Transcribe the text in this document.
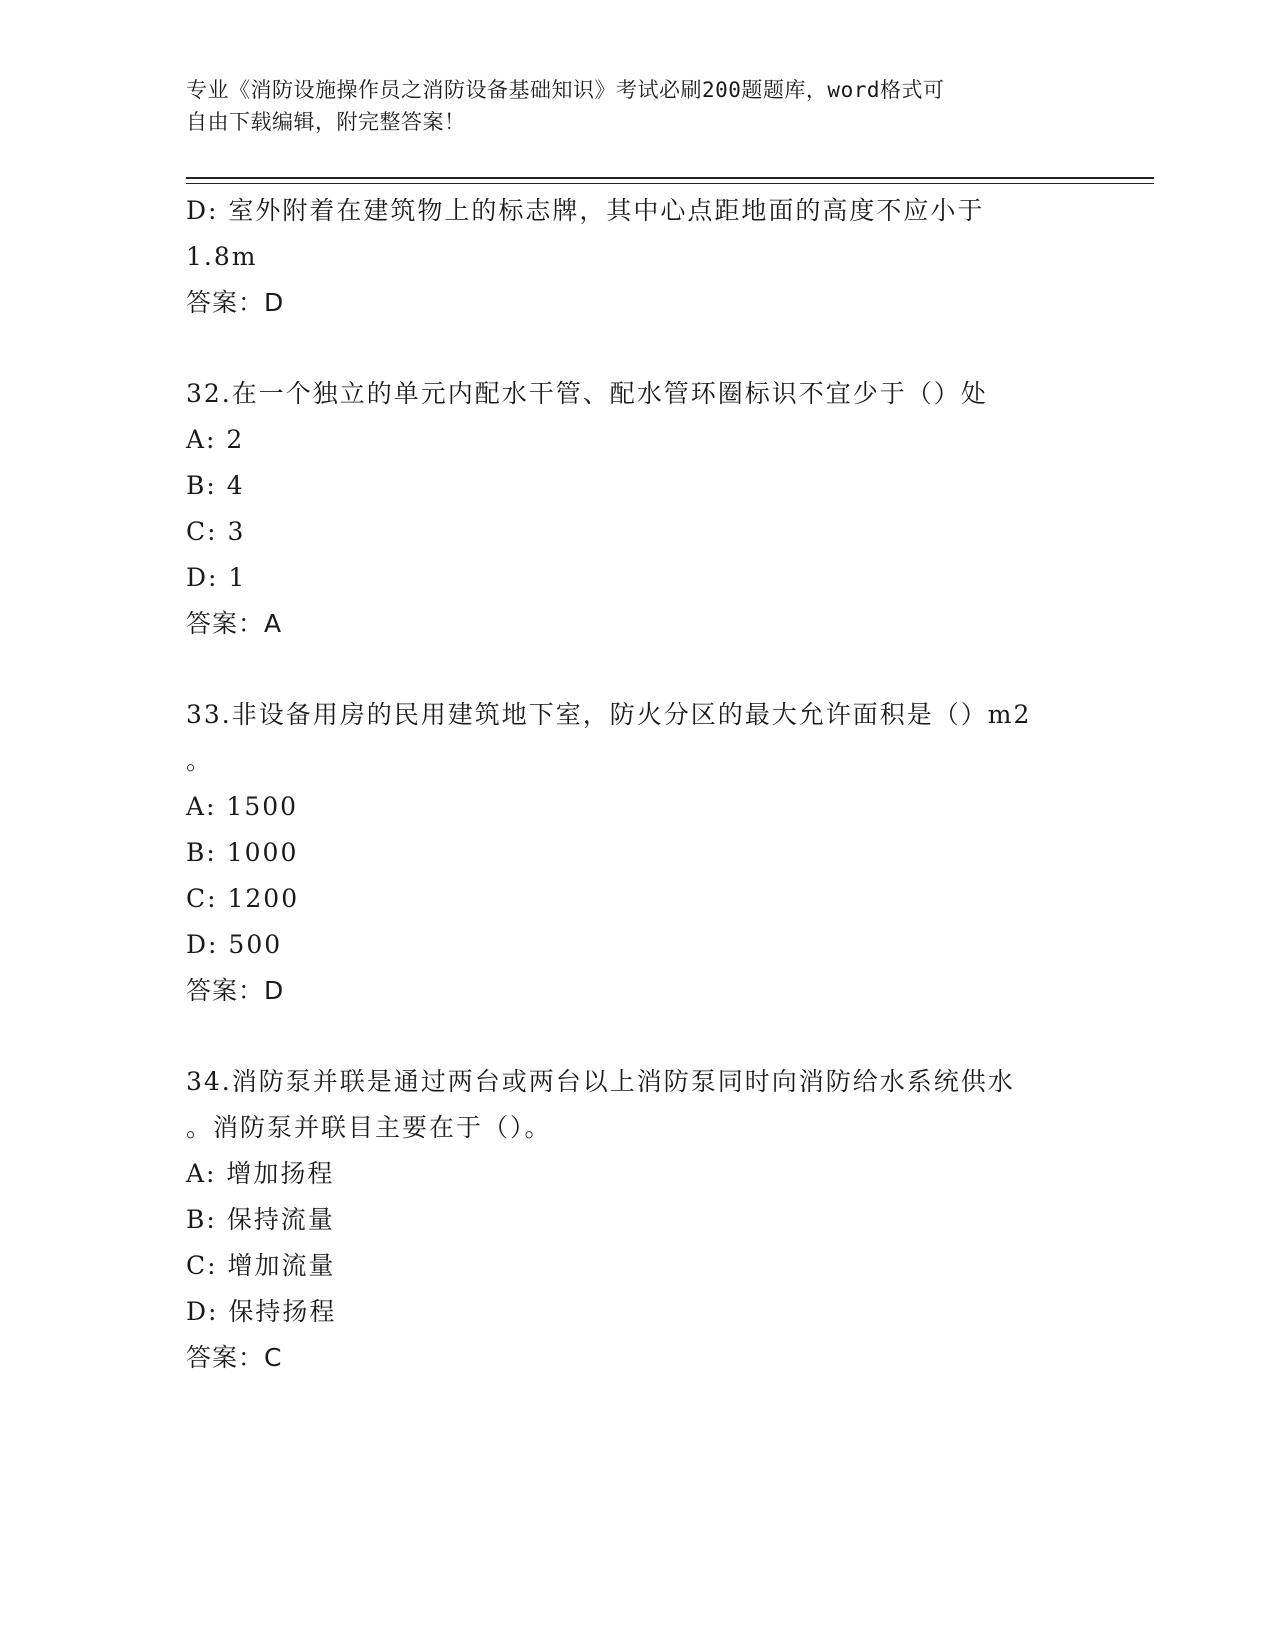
专业《消防设施操作员之消防设备基础知识》考试必刷200题题库，word格式可
自由下载编辑，附完整答案！
D: 室外附着在建筑物上的标志牌，其中心点距地面的高度不应小于
1.8m
答案：D
32.在一个独立的单元内配水干管、配水管环圈标识不宜少于（）处
A: 2
B: 4
C: 3
D: 1
答案：A
33.非设备用房的民用建筑地下室，防火分区的最大允许面积是（）m2
。
A: 1500
B: 1000
C: 1200
D: 500
答案：D
34.消防泵并联是通过两台或两台以上消防泵同时向消防给水系统供水
。消防泵并联目主要在于（）。
A: 增加扬程
B: 保持流量
C: 增加流量
D: 保持扬程
答案：C
